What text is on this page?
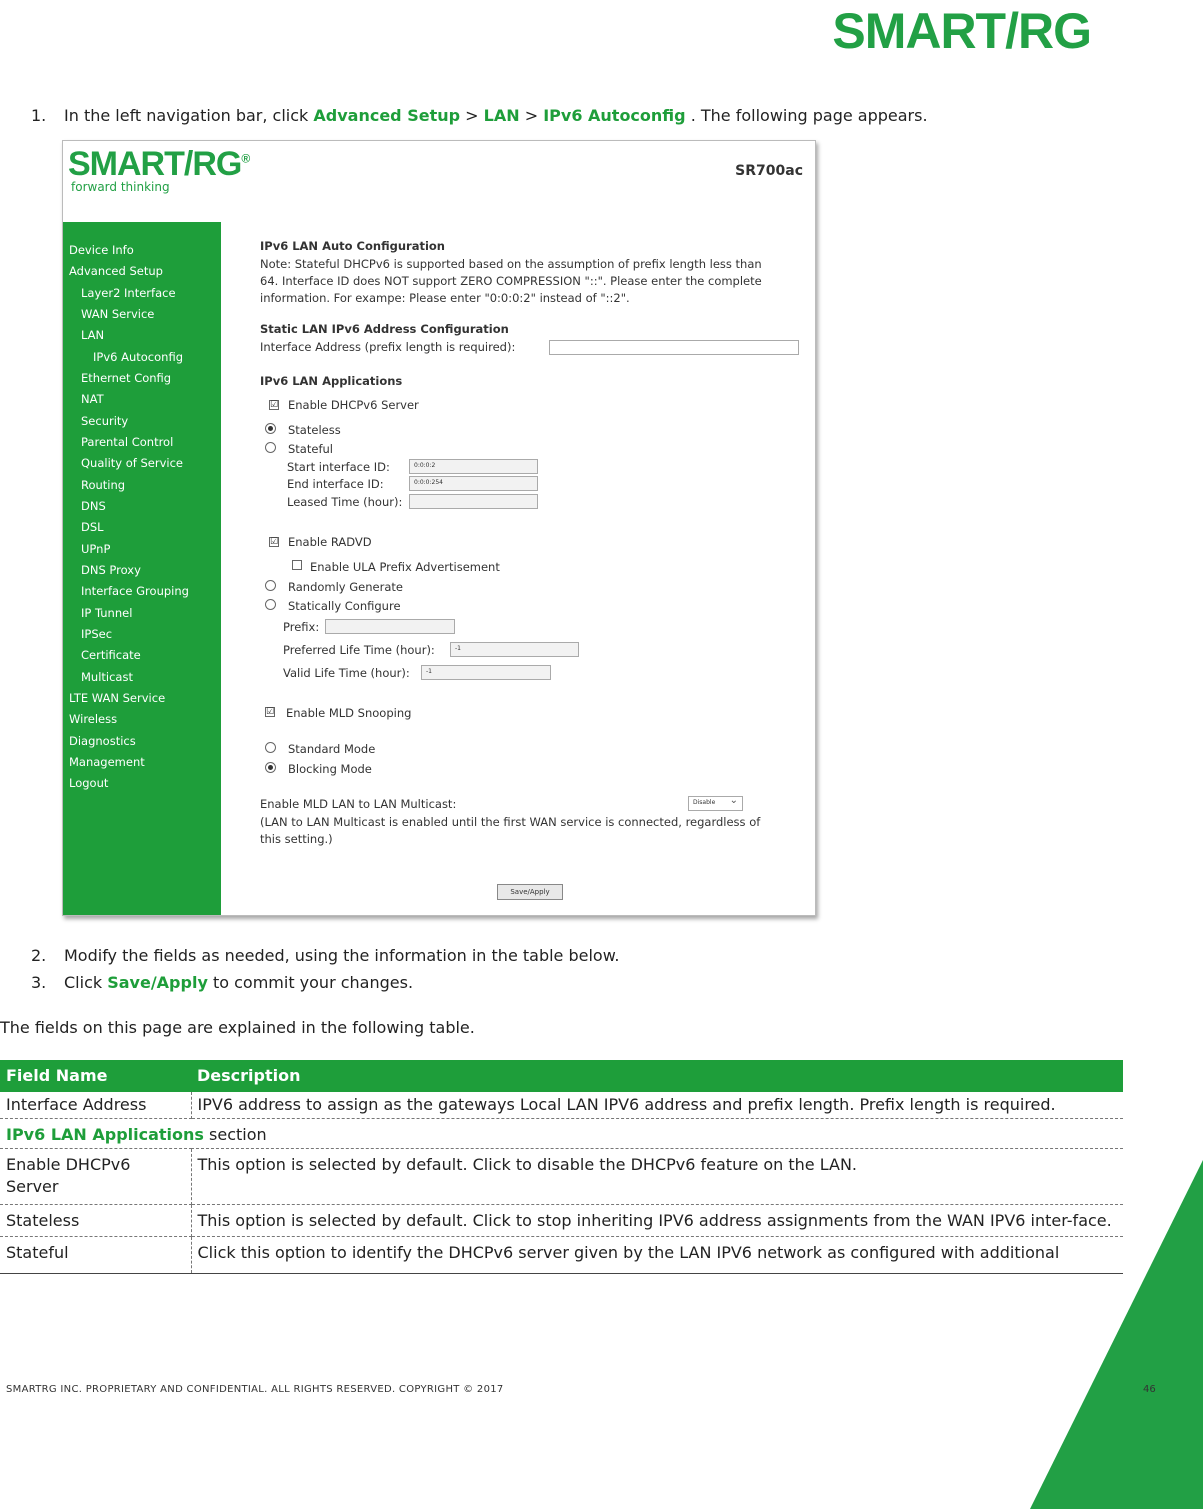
SMART/RG
1. In the left navigation bar, click Advanced Setup > LAN > IPv6 Autoconfig . The following page appears.
SMART/RG®
forward thinking
SR700ac
Device Info
Advanced Setup
Layer2 Interface
WAN Service
LAN
IPv6 Autoconfig
Ethernet Config
NAT
Security
Parental Control
Quality of Service
Routing
DNS
DSL
UPnP
DNS Proxy
Interface Grouping
IP Tunnel
IPSec
Certificate
Multicast
LTE WAN Service
Wireless
Diagnostics
Management
Logout
IPv6 LAN Auto Configuration
Note: Stateful DHCPv6 is supported based on the assumption of prefix length less than
64. Interface ID does NOT support ZERO COMPRESSION "::". Please enter the complete
information. For exampe: Please enter "0:0:0:2" instead of "::2".
Static LAN IPv6 Address Configuration
Interface Address (prefix length is required):
IPv6 LAN Applications
☑ Enable DHCPv6 Server
Stateless
Stateful
Start interface ID:	0:0:0:2
End interface ID:	0:0:0:254
Leased Time (hour):
☑ Enable RADVD
Enable ULA Prefix Advertisement
Randomly Generate
Statically Configure
Prefix:
Preferred Life Time (hour):	-1
Valid Life Time (hour):	-1
☑ Enable MLD Snooping
Standard Mode
Blocking Mode
Enable MLD LAN to LAN Multicast:	Disable ⌄
(LAN to LAN Multicast is enabled until the first WAN service is connected, regardless of
this setting.)
Save/Apply
2. Modify the fields as needed, using the information in the table below.
3. Click Save/Apply to commit your changes.
The fields on this page are explained in the following table.
Field Name	Description
Interface Address	IPV6 address to assign as the gateways Local LAN IPV6 address and prefix length. Prefix length is required.
IPv6 LAN Applications section	
Enable DHCPv6 Server	This option is selected by default. Click to disable the DHCPv6 feature on the LAN.
Stateless	This option is selected by default. Click to stop inheriting IPV6 address assignments from the WAN IPV6 inter-face.
Stateful	Click this option to identify the DHCPv6 server given by the LAN IPV6 network as configured with additional
SMARTRG INC. PROPRIETARY AND CONFIDENTIAL. ALL RIGHTS RESERVED. COPYRIGHT © 2017	46
